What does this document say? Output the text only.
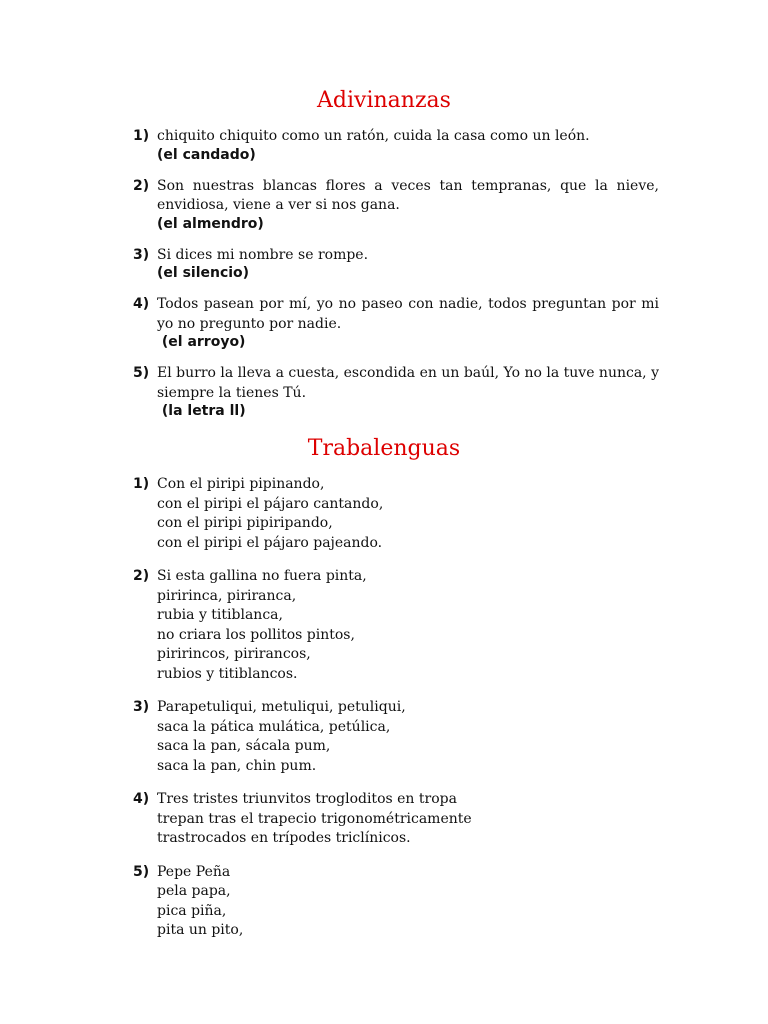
Adivinanzas
1) chiquito chiquito como un ratón, cuida la casa como un león.
(el candado)
2) Son nuestras blancas flores a veces tan tempranas, que la nieve, envidiosa, viene a ver si nos gana.
(el almendro)
3) Si dices mi nombre se rompe.
(el silencio)
4) Todos pasean por mí, yo no paseo con nadie, todos preguntan por mi yo no pregunto por nadie.
(el arroyo)
5) El burro la lleva a cuesta, escondida en un baúl, Yo no la tuve nunca, y siempre la tienes Tú.
(la letra ll)
Trabalenguas
1) Con el piripi pipinando,
con el piripi el pájaro cantando,
con el piripi pipiripando,
con el piripi el pájaro pajeando.
2) Si esta gallina no fuera pinta,
piririnca, piriranca,
rubia y titiblanca,
no criara los pollitos pintos,
piririncos, pirirancos,
rubios y titiblancos.
3) Parapetuliqui, metuliqui, petuliqui,
saca la pática mulática, petúlica,
saca la pan, sácala pum,
saca la pan, chin pum.
4) Tres tristes triunvitos trogloditos en tropa
trepan tras el trapecio trigonométricamente
trastrocados en trípodes triclínicos.
5) Pepe Peña
pela papa,
pica piña,
pita un pito,
